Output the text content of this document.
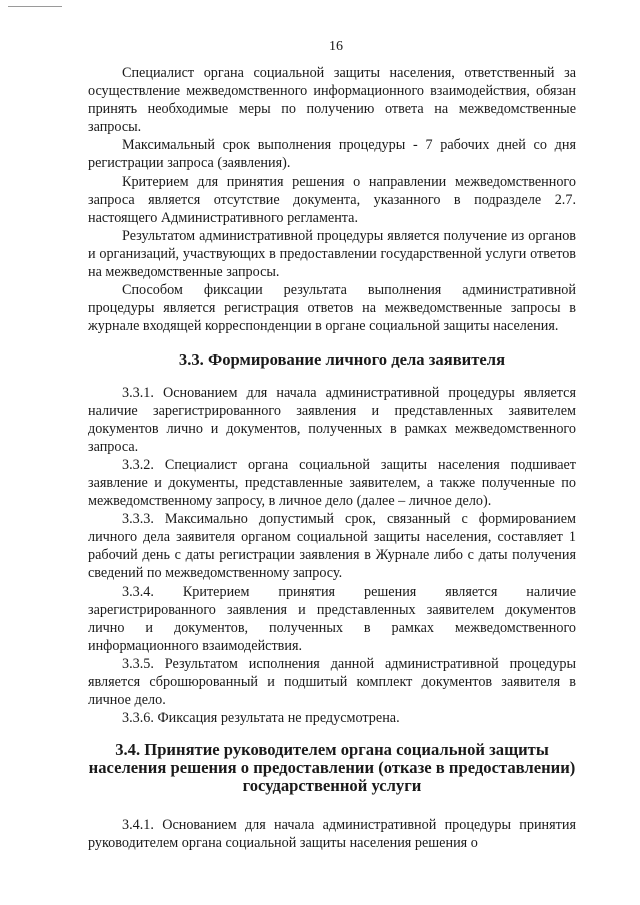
16

Специалист органа социальной защиты населения, ответственный за осуществление межведомственного информационного взаимодействия, обязан принять необходимые меры по получению ответа на межведомственные запросы.

Максимальный срок выполнения процедуры - 7 рабочих дней со дня регистрации запроса (заявления).

Критерием для принятия решения о направлении межведомственного запроса является отсутствие документа, указанного в подразделе 2.7. настоящего Административного регламента.

Результатом административной процедуры является получение из органов и организаций, участвующих в предоставлении государственной услуги ответов на межведомственные запросы.

Способом фиксации результата выполнения административной процедуры является регистрация ответов на межведомственные запросы в журнале входящей корреспонденции в органе социальной защиты населения.

3.3. Формирование личного дела заявителя

3.3.1. Основанием для начала административной процедуры является наличие зарегистрированного заявления и представленных заявителем документов лично и документов, полученных в рамках межведомственного запроса.

3.3.2. Специалист органа социальной защиты населения подшивает заявление и документы, представленные заявителем, а также полученные по межведомственному запросу, в личное дело (далее – личное дело).

3.3.3. Максимально допустимый срок, связанный с формированием личного дела заявителя органом социальной защиты населения, составляет 1 рабочий день с даты регистрации заявления в Журнале либо с даты получения сведений по межведомственному запросу.

3.3.4. Критерием принятия решения является наличие зарегистрированного заявления и представленных заявителем документов лично и документов, полученных в рамках межведомственного информационного взаимодействия.

3.3.5. Результатом исполнения данной административной процедуры является сброшюрованный и подшитый комплект документов заявителя в личное дело.

3.3.6. Фиксация результата не предусмотрена.

3.4. Принятие руководителем органа социальной защиты населения решения о предоставлении (отказе в предоставлении) государственной услуги

3.4.1. Основанием для начала административной процедуры принятия руководителем органа социальной защиты населения решения о
